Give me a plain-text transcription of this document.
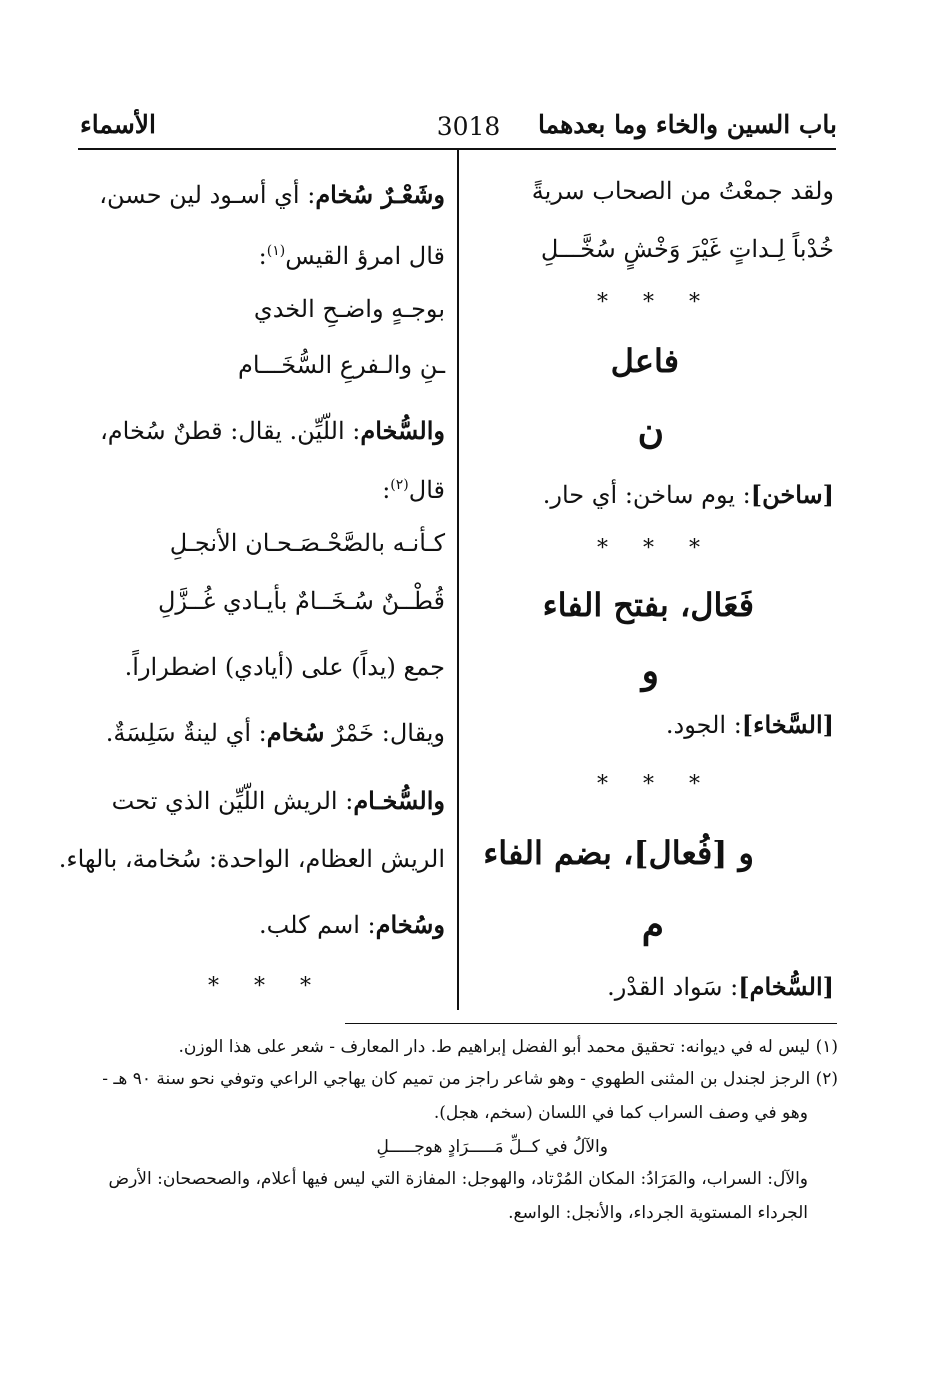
باب السين والخاء وما بعدهما
3018
الأسماء
ولقد جمعْتُ من الصحاب سريةً
خُدْباً لِـداتٍ غَيْرَ وَخْشٍ سُخَّـــلِ
* * *
فاعل
ن
[ساخن]: يوم ساخن: أي حار.
* * *
فَعَال، بفتح الفاء
و
[السَّخاء]: الجود.
* * *
و [فُعال]، بضم الفاء
م
[السُّخام]: سَواد القدْر.
وشَعْـرٌ سُخام: أي أسـود لين حسن،
قال امرؤ القيس$^{(١)}$:
بوجـهٍ واضـحِ الخدي
ـنِ والـفرعِ السُّخَـــام
والسُّخام: اللّيِّن. يقال: قطنٌ سُخام،
قال$^{(٢)}$:
كـأنـه بالصَّحْـصَـحـان الأنجـلِ
قُطْــنٌ سُـخَــامٌ بأيـادي غُــزَّلِ
جمع (يداً) على (أيادي) اضطراراً.
ويقال: خَمْرٌ سُخام: أي لينةٌ سَلِسَةٌ.
والسُّخـام: الريش اللّيِّن الذي تحت
الريش العظام، الواحدة: سُخامة، بالهاء.
وسُخام: اسم كلب.
* * *
(١) ليس له في ديوانه: تحقيق محمد أبو الفضل إبراهيم ط. دار المعارف - شعر على هذا الوزن.
(٢) الرجز لجندل بن المثنى الطهوي - وهو شاعر راجز من تميم كان يهاجي الراعي وتوفي نحو سنة ٩٠ هـ -
وهو في وصف السراب كما في اللسان (سخم، هجل).
والآلُ في كــلِّ مَـــــرَادٍ هوجـــــلِ
والآل: السراب، والمَرَادُ: المكان المُرْتاد، والهوجل: المفازة التي ليس فيها أعلام، والصحصحان: الأرض
الجرداء المستوية الجرداء، والأنجل: الواسع.
